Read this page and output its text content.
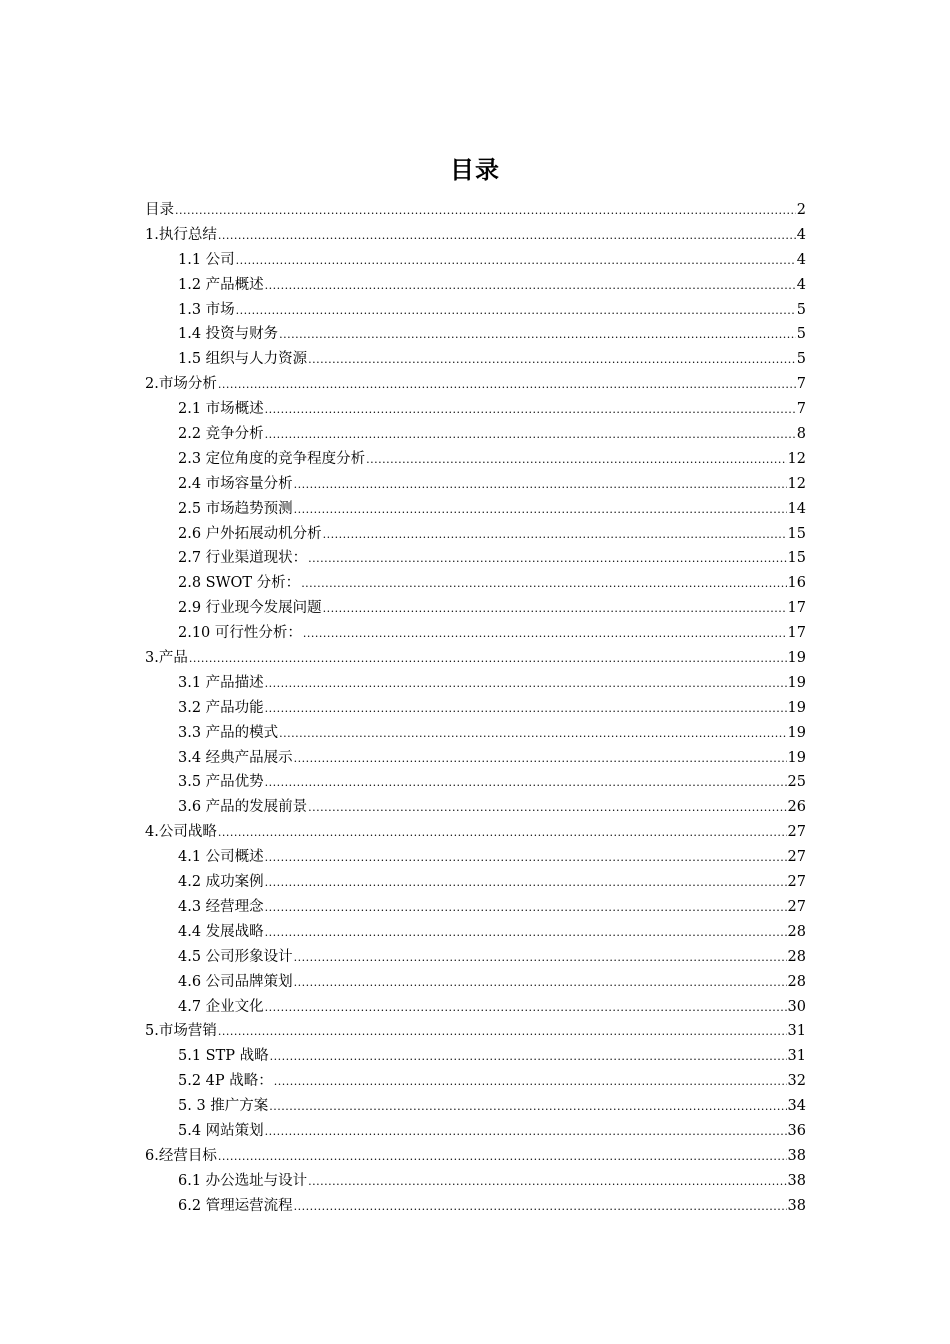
目录
目录 .....	2
1.执行总结 .....	4
1.1 公司 .....	4
1.2 产品概述 .....	4
1.3 市场 .....	5
1.4 投资与财务 .....	5
1.5 组织与人力资源 .....	5
2.市场分析 .....	7
2.1 市场概述 .....	7
2.2 竞争分析 .....	8
2.3 定位角度的竞争程度分析 .....	12
2.4 市场容量分析 .....	12
2.5 市场趋势预测 .....	14
2.6 户外拓展动机分析 .....	15
2.7 行业渠道现状： .....	15
2.8 SWOT 分析： .....	16
2.9 行业现今发展问题 .....	17
2.10 可行性分析： .....	17
3.产品 .....	19
3.1 产品描述 .....	19
3.2 产品功能 .....	19
3.3 产品的模式 .....	19
3.4 经典产品展示 .....	19
3.5 产品优势 .....	25
3.6 产品的发展前景 .....	26
4.公司战略 .....	27
4.1 公司概述 .....	27
4.2 成功案例 .....	27
4.3 经营理念 .....	27
4.4 发展战略 .....	28
4.5 公司形象设计 .....	28
4.6 公司品牌策划 .....	28
4.7 企业文化 .....	30
5.市场营销 .....	31
5.1 STP 战略 .....	31
5.2 4P 战略： .....	32
5. 3 推广方案 .....	34
5.4 网站策划 .....	36
6.经营目标 .....	38
6.1 办公选址与设计 .....	38
6.2 管理运营流程 .....	38
